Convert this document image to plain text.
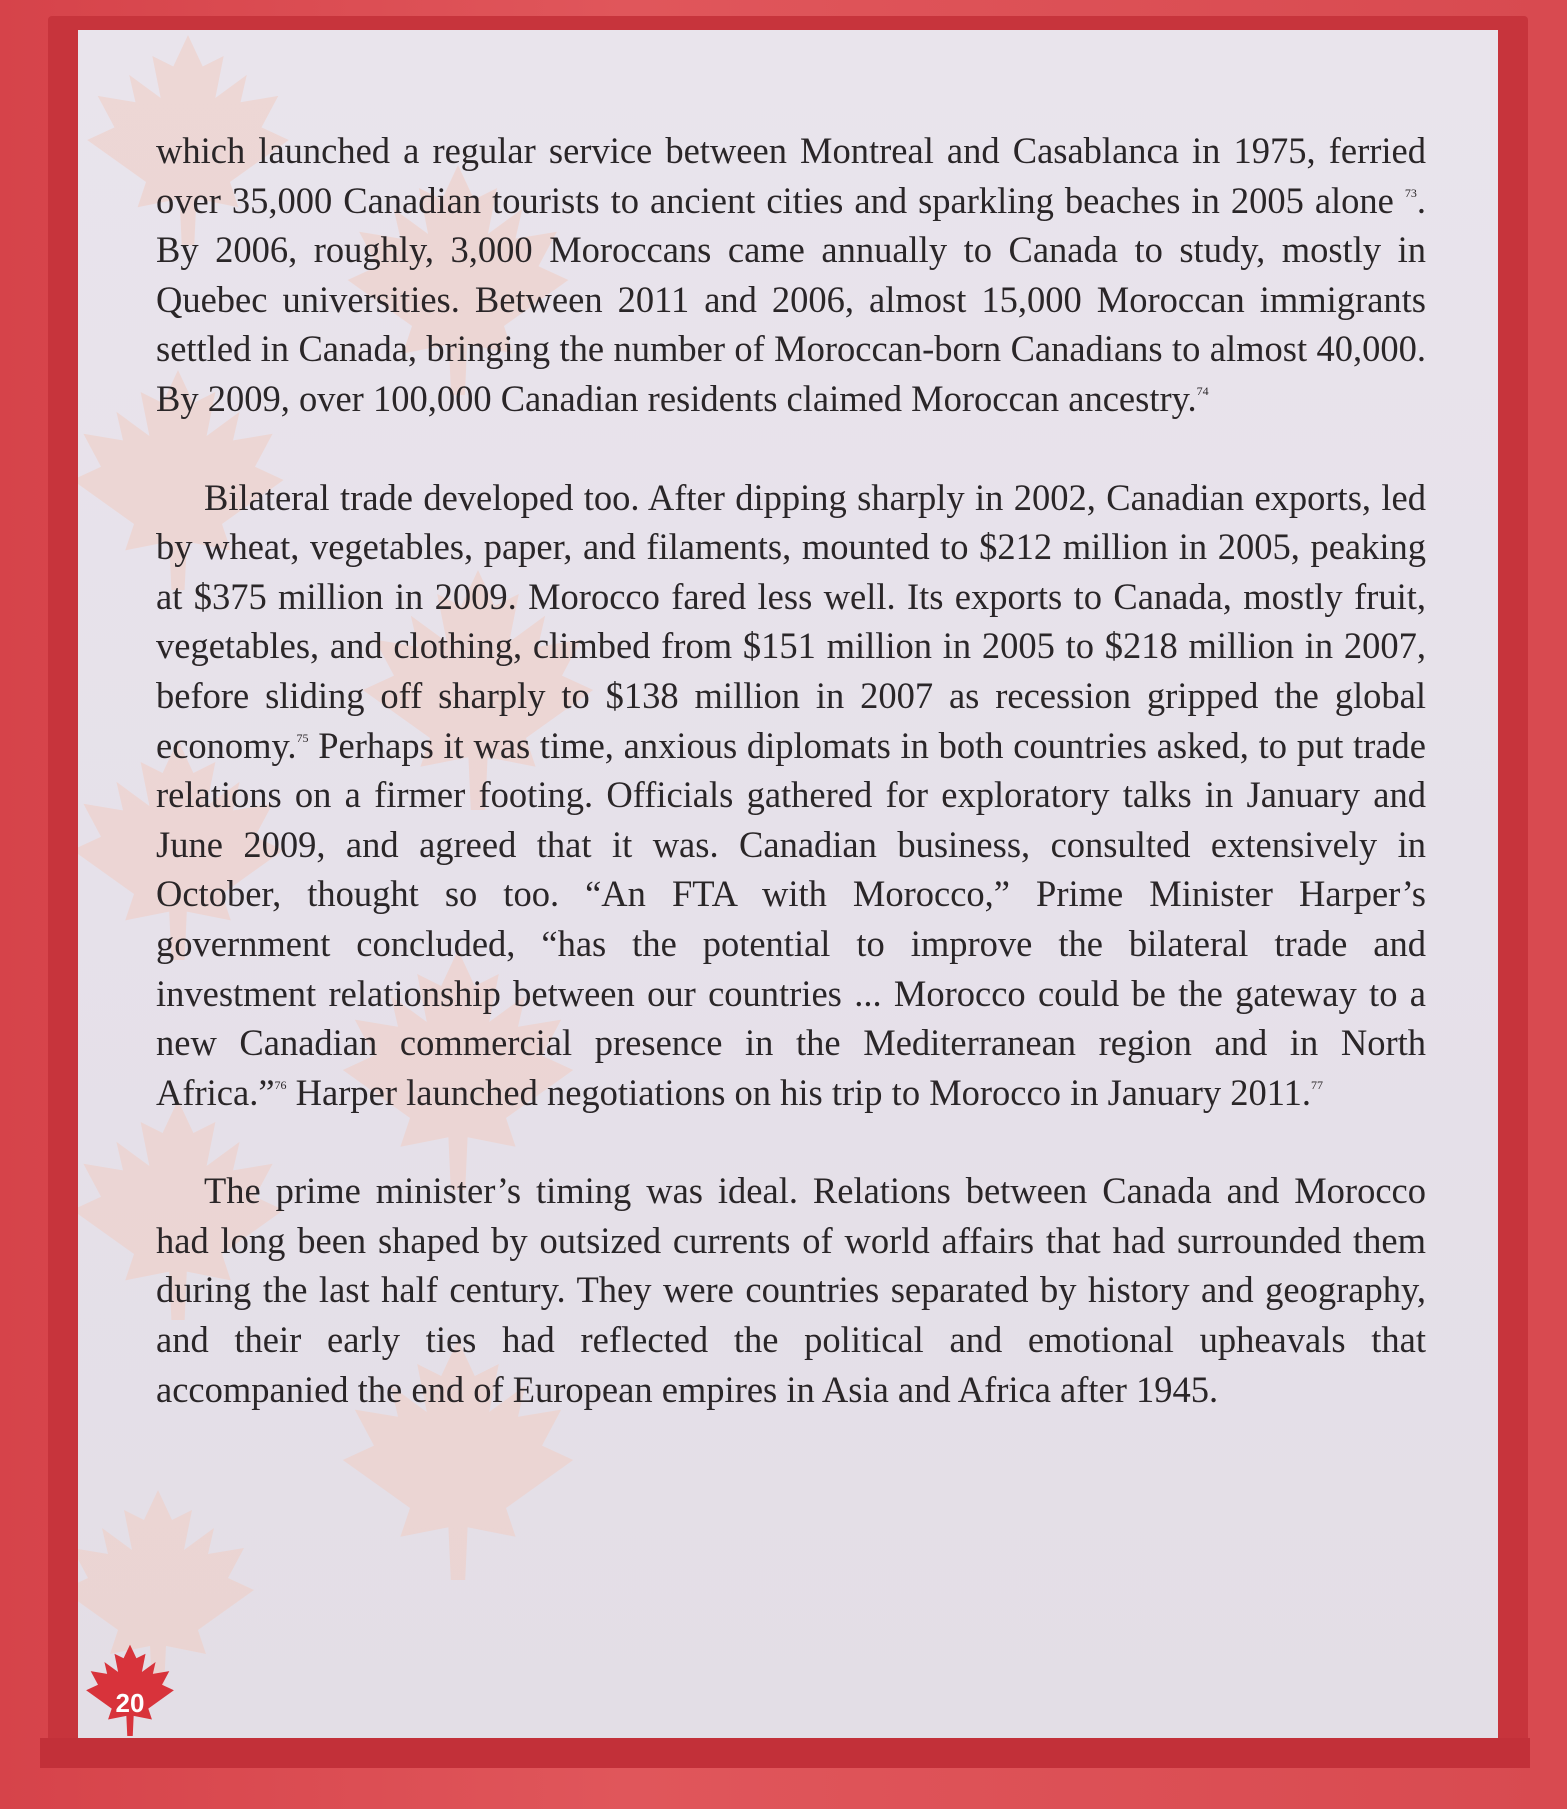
which launched a regular service between Montreal and Casablanca in 1975, ferried over 35,000 Canadian tourists to ancient cities and sparkling beaches in 2005 alone $^{73}$. By 2006, roughly, 3,000 Moroccans came annually to Canada to study, mostly in Quebec universities. Between 2011 and 2006, almost 15,000 Moroccan immigrants settled in Canada, bringing the number of Moroccan-born Canadians to almost 40,000. By 2009, over 100,000 Canadian residents claimed Moroccan ancestry.$^{74}$

Bilateral trade developed too. After dipping sharply in 2002, Canadian exports, led by wheat, vegetables, paper, and filaments, mounted to $212 million in 2005, peaking at $375 million in 2009. Morocco fared less well. Its exports to Canada, mostly fruit, vegetables, and clothing, climbed from $151 million in 2005 to $218 million in 2007, before sliding off sharply to $138 million in 2007 as recession gripped the global economy.$^{75}$ Perhaps it was time, anxious diplomats in both countries asked, to put trade relations on a firmer footing. Officials gathered for exploratory talks in January and June 2009, and agreed that it was. Canadian business, consulted extensively in October, thought so too. “An FTA with Morocco,” Prime Minister Harper’s government concluded, “has the potential to improve the bilateral trade and investment relationship between our countries ... Morocco could be the gateway to a new Canadian commercial presence in the Mediterranean region and in North Africa.”$^{76}$ Harper launched negotiations on his trip to Morocco in January 2011.77

The prime minister’s timing was ideal. Relations between Canada and Morocco had long been shaped by outsized currents of world affairs that had surrounded them during the last half century. They were countries separated by history and geography, and their early ties had reflected the political and emotional upheavals that accompanied the end of European empires in Asia and Africa after 1945.

20
